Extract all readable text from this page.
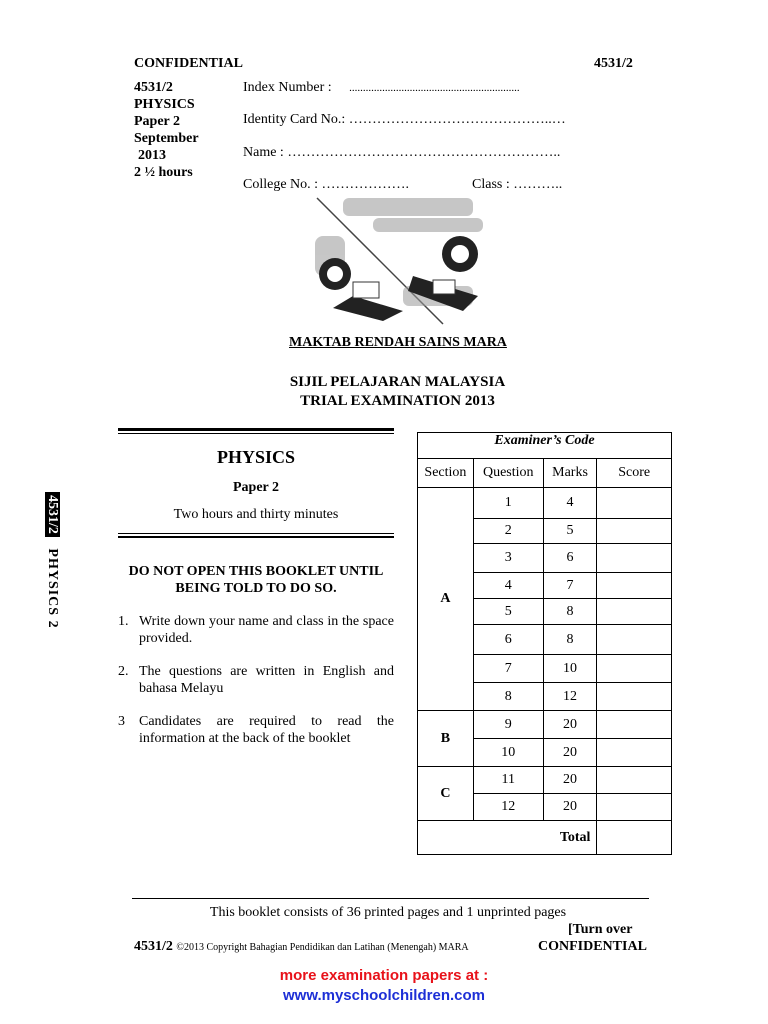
CONFIDENTIAL	4531/2
4531/2
PHYSICS
Paper 2
September
2013
2 ½ hours
Index Number : ..............................................................
Identity Card No.: ……………………………………..…
Name : …………………………………………………..
College No. : ……………….	Class : ………..
MAKTAB RENDAH SAINS MARA
SIJIL PELAJARAN MALAYSIA
TRIAL EXAMINATION 2013
PHYSICS
Paper 2
Two hours and thirty minutes
DO NOT OPEN THIS BOOKLET UNTIL
BEING TOLD TO DO SO.
1. Write down your name and class in the space provided.
2. The questions are written in English and bahasa Melayu
3	Candidates are required to read the information at the back of the booklet
4531/2 PHYSICS 2
Examiner’s Code			
Section	Question	Marks	Score
A	1	4	
	2	5	
	3	6	
	4	7	
	5	8	
	6	8	
	7	10	
	8	12	
B	9	20	
	10	20	
C	11	20	
	12	20	
Total			
This booklet consists of 36 printed pages and 1 unprinted pages
[Turn over
4531/2 ©2013 Copyright Bahagian Pendidikan dan Latihan (Menengah) MARA	CONFIDENTIAL
more examination papers at :
www.myschoolchildren.com
